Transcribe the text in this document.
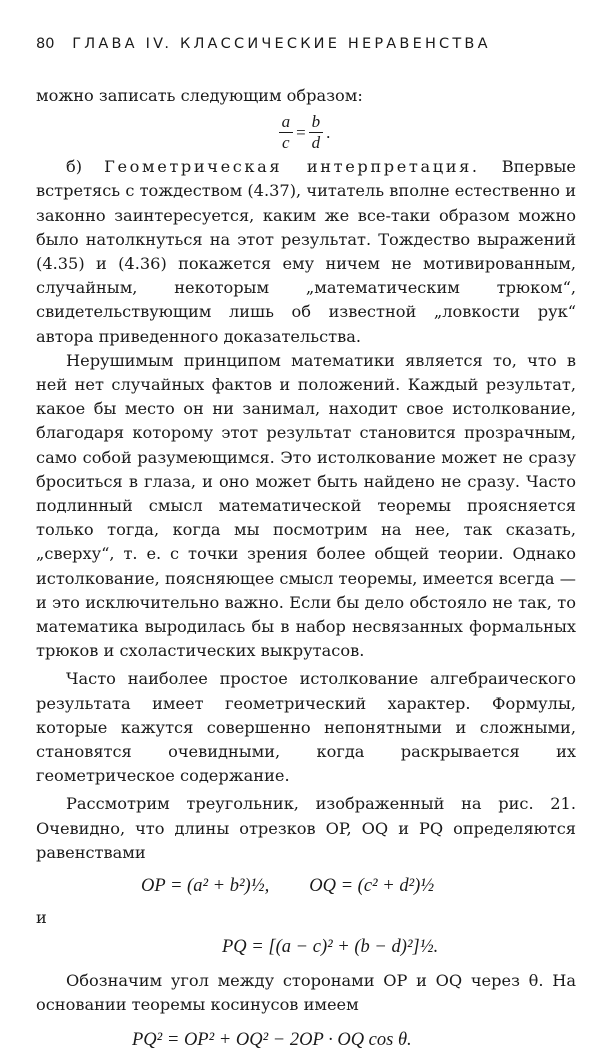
80 ГЛАВА IV. КЛАССИЧЕСКИЕ НЕРАВЕНСТВА

можно записать следующим образом:

$\frac{a}{c} = \frac{b}{d}$ .

б) Геометрическая интерпретация. Впервые встретясь с тождеством (4.37), читатель вполне естественно и законно заинтересуется, каким же все-таки образом можно было натолкнуться на этот результат. Тождество выражений (4.35) и (4.36) покажется ему ничем не мотивированным, случайным, некоторым „математическим трюком“, свидетельствующим лишь об известной „ловкости рук“ автора приведенного доказательства.

Нерушимым принципом математики является то, что в ней нет случайных фактов и положений. Каждый результат, какое бы место он ни занимал, находит свое истолкование, благодаря которому этот результат становится прозрачным, само собой разумеющимся. Это истолкование может не сразу броситься в глаза, и оно может быть найдено не сразу. Часто подлинный смысл математической теоремы проясняется только тогда, когда мы посмотрим на нее, так сказать, „сверху“, т. е. с точки зрения более общей теории. Однако истолкование, поясняющее смысл теоремы, имеется всегда — и это исключительно важно. Если бы дело обстояло не так, то математика выродилась бы в набор несвязанных формальных трюков и схоластических выкрутасов.

Часто наиболее простое истолкование алгебраического результата имеет геометрический характер. Формулы, которые кажутся совершенно непонятными и сложными, становятся очевидными, когда раскрывается их геометрическое содержание.

Рассмотрим треугольник, изображенный на рис. 21. Очевидно, что длины отрезков OP, OQ и PQ определяются равенствами

OP = (a² + b²)½, OQ = (c² + d²)½
и
PQ = [(a − c)² + (b − d)²]½.

Обозначим угол между сторонами OP и OQ через θ. На основании теоремы косинусов имеем

PQ² = OP² + OQ² − 2OP · OQ cos θ.
